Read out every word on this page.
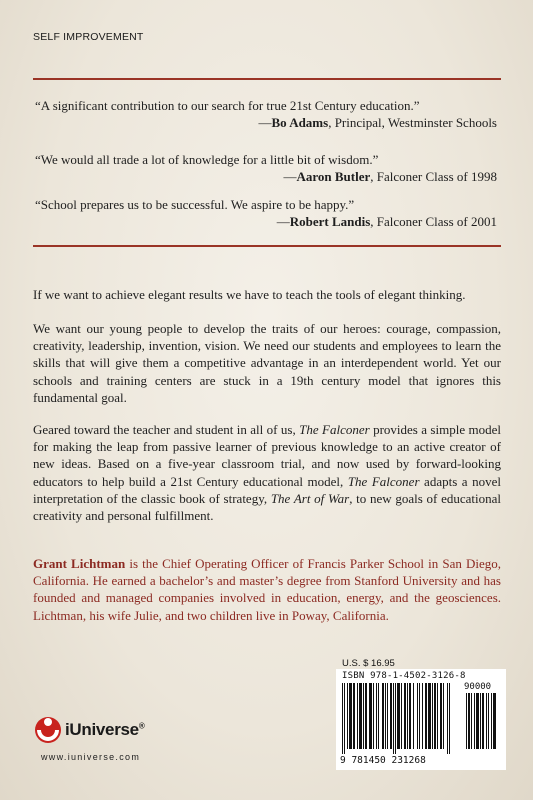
SELF IMPROVEMENT
“A significant contribution to our search for true 21st Century education.”
—Bo Adams, Principal, Westminster Schools
“We would all trade a lot of knowledge for a little bit of wisdom.”
—Aaron Butler, Falconer Class of 1998
“School prepares us to be successful. We aspire to be happy.”
—Robert Landis, Falconer Class of 2001

If we want to achieve elegant results we have to teach the tools of elegant thinking.

We want our young people to develop the traits of our heroes: courage, compassion, creativity, leadership, invention, vision. We need our students and employees to learn the skills that will give them a competitive advantage in an interdependent world. Yet our schools and training centers are stuck in a 19th century model that ignores this fundamental goal.

Geared toward the teacher and student in all of us, The Falconer provides a simple model for making the leap from passive learner of previous knowledge to an active creator of new ideas. Based on a five-year classroom trial, and now used by forward-looking educators to help build a 21st Century educational model, The Falconer adapts a novel interpretation of the classic book of strategy, The Art of War, to new goals of educational creativity and personal fulfillment.

Grant Lichtman is the Chief Operating Officer of Francis Parker School in San Diego, California. He earned a bachelor’s and master’s degree from Stanford University and has founded and managed companies involved in education, energy, and the geosciences. Lichtman, his wife Julie, and two children live in Poway, California.

U.S. $ 16.95
ISBN 978-1-4502-3126-8
90000
9 781450 231268
iUniverse®
www.iuniverse.com
